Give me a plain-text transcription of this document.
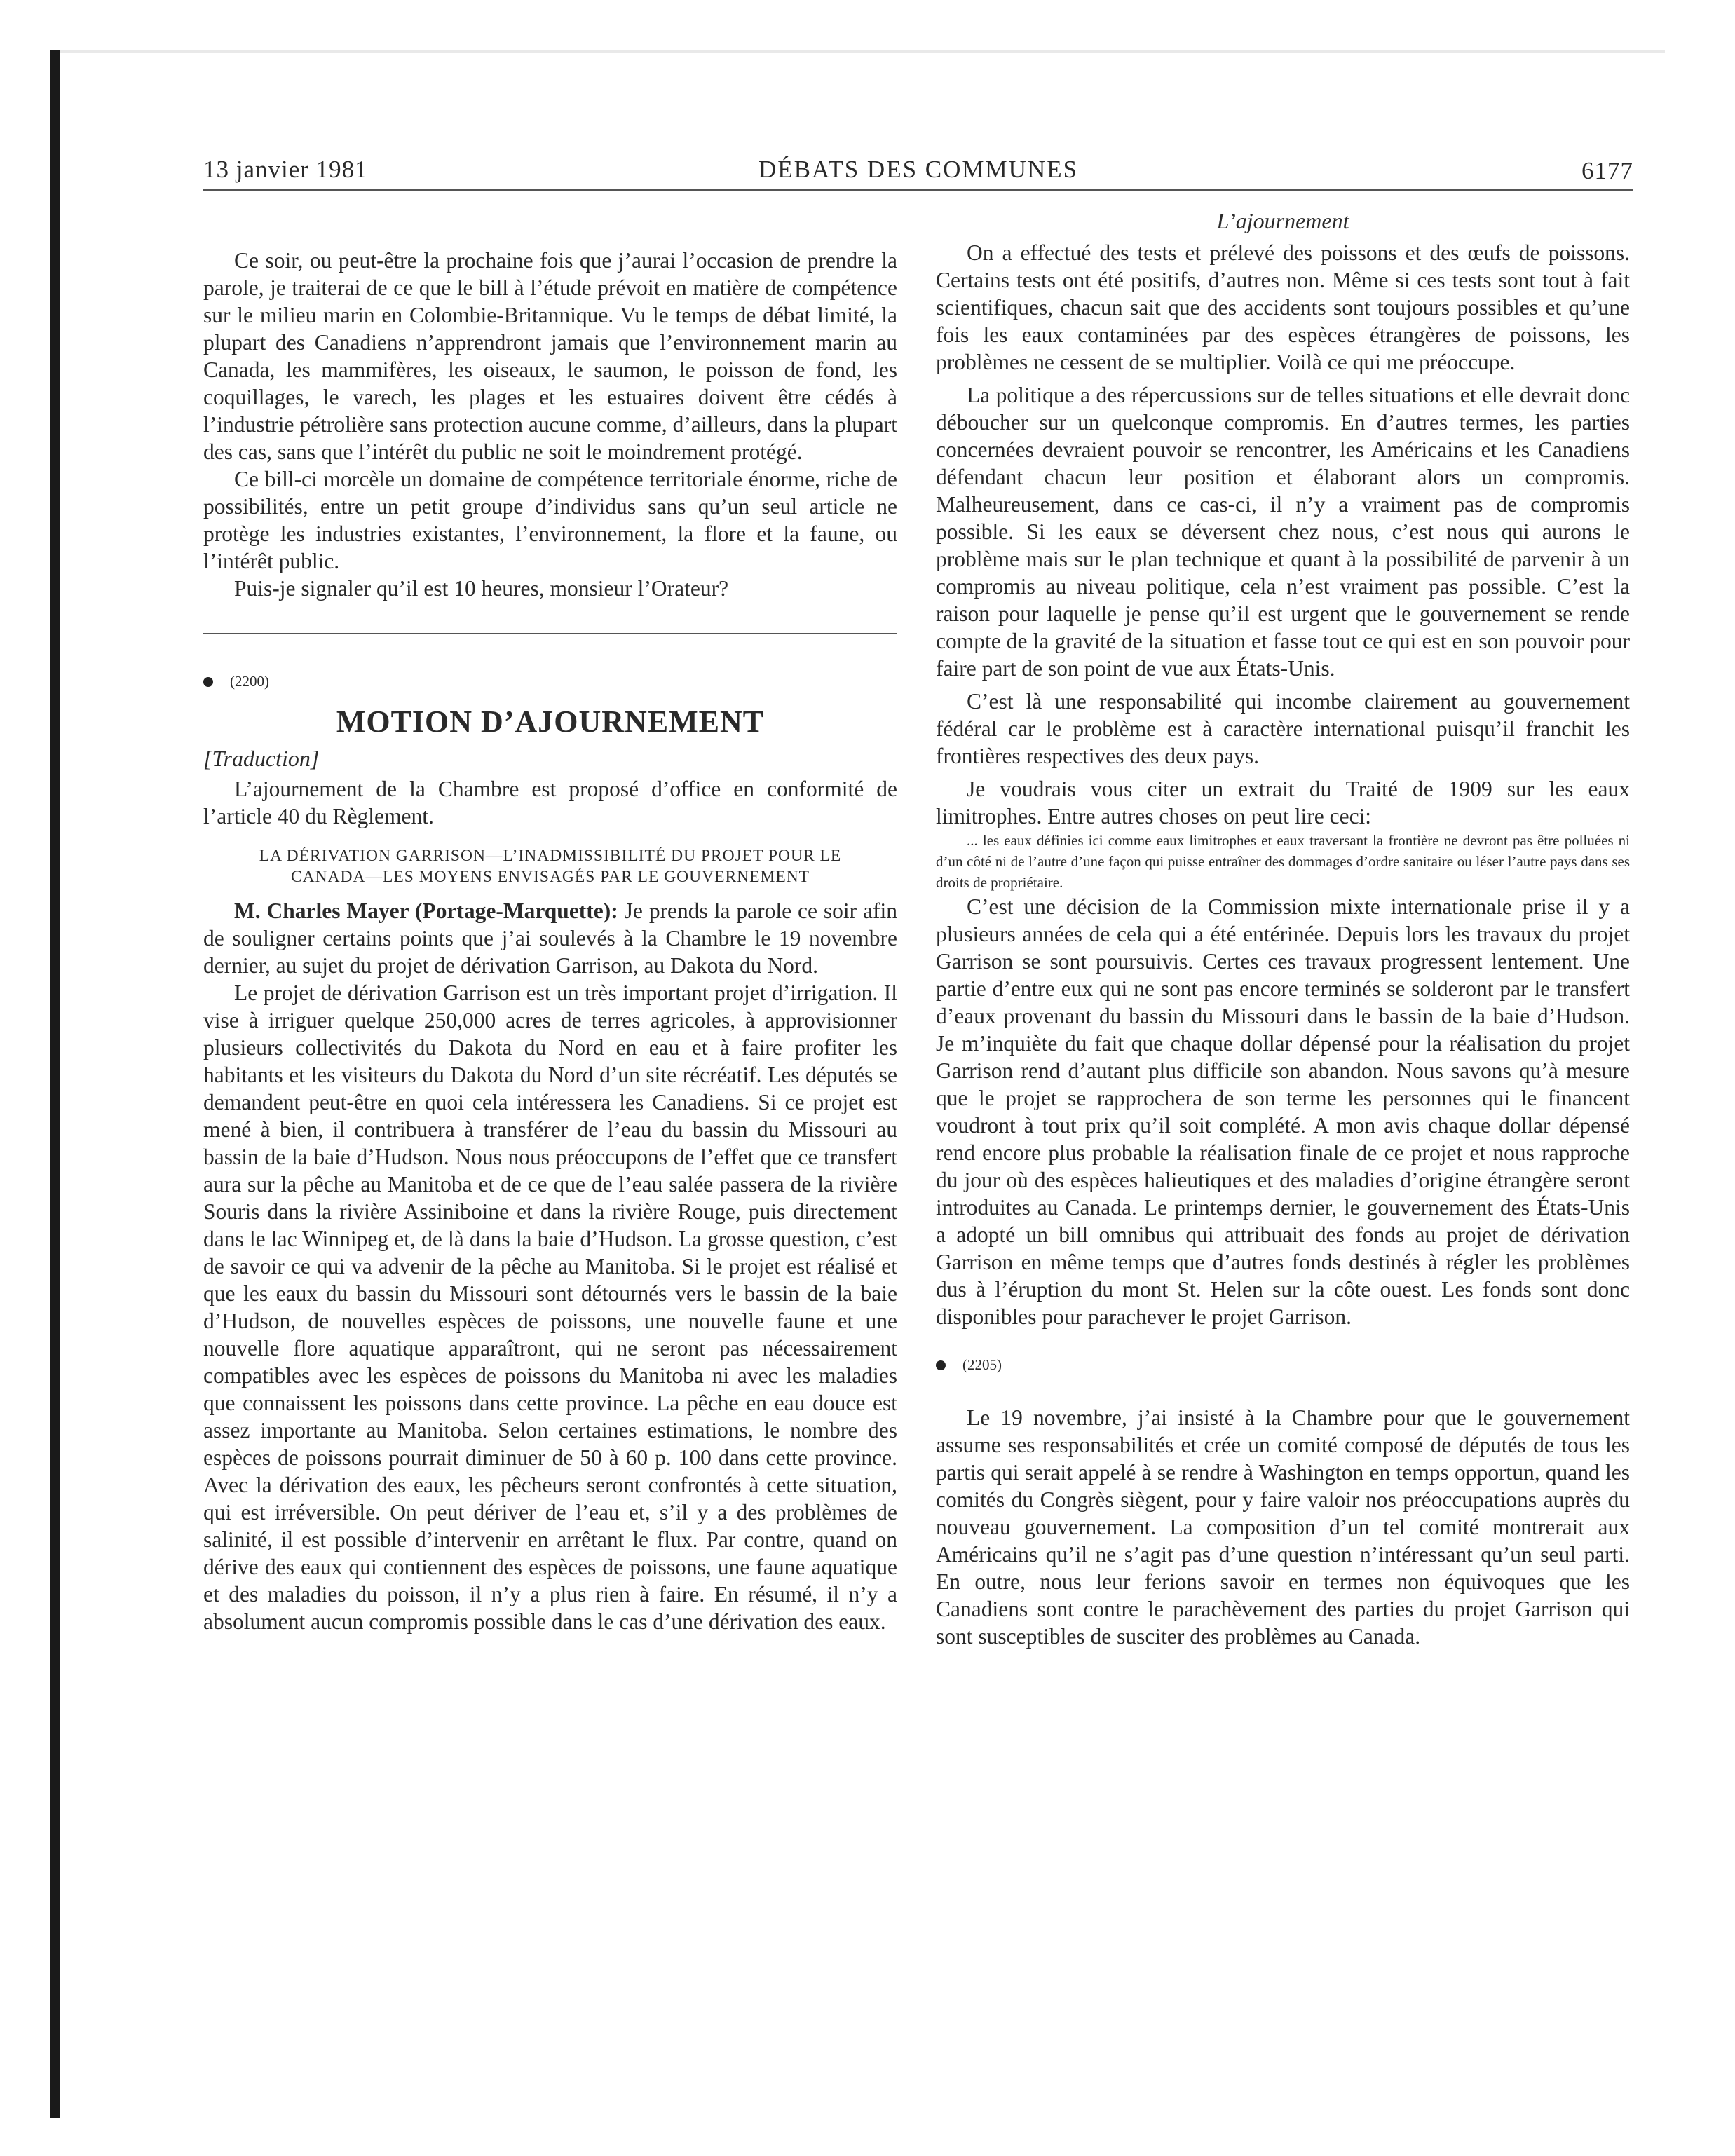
13 janvier 1981	DÉBATS DES COMMUNES	6177

Ce soir, ou peut-être la prochaine fois que j’aurai l’occasion de prendre la parole, je traiterai de ce que le bill à l’étude prévoit en matière de compétence sur le milieu marin en Colombie-Britannique. Vu le temps de débat limité, la plupart des Canadiens n’apprendront jamais que l’environnement marin au Canada, les mammifères, les oiseaux, le saumon, le poisson de fond, les coquillages, le varech, les plages et les estuaires doivent être cédés à l’industrie pétrolière sans protection aucune comme, d’ailleurs, dans la plupart des cas, sans que l’intérêt du public ne soit le moindrement protégé.

Ce bill-ci morcèle un domaine de compétence territoriale énorme, riche de possibilités, entre un petit groupe d’individus sans qu’un seul article ne protège les industries existantes, l’environnement, la flore et la faune, ou l’intérêt public.

Puis-je signaler qu’il est 10 heures, monsieur l’Orateur?

(2200)
MOTION D’AJOURNEMENT
[Traduction]

L’ajournement de la Chambre est proposé d’office en conformité de l’article 40 du Règlement.

LA DÉRIVATION GARRISON—L’INADMISSIBILITÉ DU PROJET POUR LE CANADA—LES MOYENS ENVISAGÉS PAR LE GOUVERNEMENT

M. Charles Mayer (Portage-Marquette): Je prends la parole ce soir afin de souligner certains points que j’ai soulevés à la Chambre le 19 novembre dernier, au sujet du projet de dérivation Garrison, au Dakota du Nord.

Le projet de dérivation Garrison est un très important projet d’irrigation. Il vise à irriguer quelque 250,000 acres de terres agricoles, à approvisionner plusieurs collectivités du Dakota du Nord en eau et à faire profiter les habitants et les visiteurs du Dakota du Nord d’un site récréatif. Les députés se demandent peut-être en quoi cela intéressera les Canadiens. Si ce projet est mené à bien, il contribuera à transférer de l’eau du bassin du Missouri au bassin de la baie d’Hudson. Nous nous préoccupons de l’effet que ce transfert aura sur la pêche au Manitoba et de ce que de l’eau salée passera de la rivière Souris dans la rivière Assiniboine et dans la rivière Rouge, puis directement dans le lac Winnipeg et, de là dans la baie d’Hudson. La grosse question, c’est de savoir ce qui va advenir de la pêche au Manitoba. Si le projet est réalisé et que les eaux du bassin du Missouri sont détournés vers le bassin de la baie d’Hudson, de nouvelles espèces de poissons, une nouvelle faune et une nouvelle flore aquatique apparaîtront, qui ne seront pas nécessairement compatibles avec les espèces de poissons du Manitoba ni avec les maladies que connaissent les poissons dans cette province. La pêche en eau douce est assez importante au Manitoba. Selon certaines estimations, le nombre des espèces de poissons pourrait diminuer de 50 à 60 p. 100 dans cette province. Avec la dérivation des eaux, les pêcheurs seront confrontés à cette situation, qui est irréversible. On peut dériver de l’eau et, s’il y a des problèmes de salinité, il est possible d’intervenir en arrêtant le flux. Par contre, quand on dérive des eaux qui contiennent des espèces de poissons, une faune aquatique et des maladies du poisson, il n’y a plus rien à faire. En résumé, il n’y a absolument aucun compromis possible dans le cas d’une dérivation des eaux.

L’ajournement

On a effectué des tests et prélevé des poissons et des œufs de poissons. Certains tests ont été positifs, d’autres non. Même si ces tests sont tout à fait scientifiques, chacun sait que des accidents sont toujours possibles et qu’une fois les eaux contaminées par des espèces étrangères de poissons, les problèmes ne cessent de se multiplier. Voilà ce qui me préoccupe.

La politique a des répercussions sur de telles situations et elle devrait donc déboucher sur un quelconque compromis. En d’autres termes, les parties concernées devraient pouvoir se rencontrer, les Américains et les Canadiens défendant chacun leur position et élaborant alors un compromis. Malheureusement, dans ce cas-ci, il n’y a vraiment pas de compromis possible. Si les eaux se déversent chez nous, c’est nous qui aurons le problème mais sur le plan technique et quant à la possibilité de parvenir à un compromis au niveau politique, cela n’est vraiment pas possible. C’est la raison pour laquelle je pense qu’il est urgent que le gouvernement se rende compte de la gravité de la situation et fasse tout ce qui est en son pouvoir pour faire part de son point de vue aux États-Unis.

C’est là une responsabilité qui incombe clairement au gouvernement fédéral car le problème est à caractère international puisqu’il franchit les frontières respectives des deux pays.

Je voudrais vous citer un extrait du Traité de 1909 sur les eaux limitrophes. Entre autres choses on peut lire ceci:

... les eaux définies ici comme eaux limitrophes et eaux traversant la frontière ne devront pas être polluées ni d’un côté ni de l’autre d’une façon qui puisse entraîner des dommages d’ordre sanitaire ou léser l’autre pays dans ses droits de propriétaire.

C’est une décision de la Commission mixte internationale prise il y a plusieurs années de cela qui a été entérinée. Depuis lors les travaux du projet Garrison se sont poursuivis. Certes ces travaux progressent lentement. Une partie d’entre eux qui ne sont pas encore terminés se solderont par le transfert d’eaux provenant du bassin du Missouri dans le bassin de la baie d’Hudson. Je m’inquiète du fait que chaque dollar dépensé pour la réalisation du projet Garrison rend d’autant plus difficile son abandon. Nous savons qu’à mesure que le projet se rapprochera de son terme les personnes qui le financent voudront à tout prix qu’il soit complété. A mon avis chaque dollar dépensé rend encore plus probable la réalisation finale de ce projet et nous rapproche du jour où des espèces halieutiques et des maladies d’origine étrangère seront introduites au Canada. Le printemps dernier, le gouvernement des États-Unis a adopté un bill omnibus qui attribuait des fonds au projet de dérivation Garrison en même temps que d’autres fonds destinés à régler les problèmes dus à l’éruption du mont St. Helen sur la côte ouest. Les fonds sont donc disponibles pour parachever le projet Garrison.

(2205)

Le 19 novembre, j’ai insisté à la Chambre pour que le gouvernement assume ses responsabilités et crée un comité composé de députés de tous les partis qui serait appelé à se rendre à Washington en temps opportun, quand les comités du Congrès siègent, pour y faire valoir nos préoccupations auprès du nouveau gouvernement. La composition d’un tel comité montrerait aux Américains qu’il ne s’agit pas d’une question n’intéressant qu’un seul parti. En outre, nous leur ferions savoir en termes non équivoques que les Canadiens sont contre le parachèvement des parties du projet Garrison qui sont susceptibles de susciter des problèmes au Canada.
